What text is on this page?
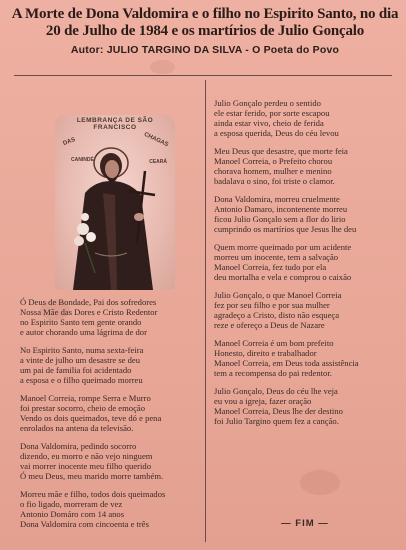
A Morte de Dona Valdomira e o filho no Espirito Santo, no dia 20 de Julho de 1984 e os martírios de Julio Gonçalo
Autor: JULIO TARGINO DA SILVA - O Poeta do Povo
LEMBRANÇA DE SÃO FRANCISCO
DAS	CHAGAS
CANINDÉ	CEARÁ

Ó Deus de Bondade, Pai dos sofredores
Nossa Mãe das Dores e Cristo Redentor
no Espirito Santo tem gente orando
e autor chorando uma lágrima de dor

No Espirito Santo, numa sexta-feira
a vinte de julho um desastre se deu
um pai de familia foi acidentado
a esposa e o filho queimado morreu

Manoel Correia, rompe Serra e Murro
foi prestar socorro, cheio de emoção
Vendo os dois queimados, teve dó e pena
enrolados na antena da televisão.

Dona Valdomira, pedindo socorro
dizendo, eu morro e não vejo ninguem
vai morrer inocente meu filho querido
Ó meu Deus, meu marido morre também.

Morreu mãe e filho, todos dois queimados
o fio ligado, morreram de vez
Antonio Domáro com 14 anos
Dona Valdomira com cincoenta e três

Julio Gonçalo perdeu o sentido
ele estar ferido, por sorte escapou
ainda estar vivo, cheio de ferida
a esposa querida, Deus do céu levou

Meu Deus que desastre, que morte feia
Manoel Correia, o Prefeito chorou
chorava homem, mulher e menino
badalava o sino, foi triste o clamor.

Dona Valdomira, morreu cruelmente
Antonio Damaro, incontenente morreu
ficou Julio Gonçalo sem a flor do lirio
cumprindo os martírios que Jesus lhe deu

Quem morre queimado por um acidente
morreu um inocente, tem a salvação
Manoel Correia, fez tudo por ela
deu mortalha e vela e comprou o caixão

Julio Gonçalo, o que Manoel Correia
fez por seu filho e por sua mulher
agradeço a Cristo, disto não esqueça
reze e ofereço a Deus de Nazare

Manoel Correia é um bom prefeito
Honesto, direito e trabalhador
Manoel Correia, em Deus toda assistência
tem a recompensa do pai redentor.

Julio Gonçalo, Deus do céu lhe veja
eu vou a igreja, fazer oração
Manoel Correia, Deus lhe der destino
foi Julio Targino quem fez a canção.

— FIM —
